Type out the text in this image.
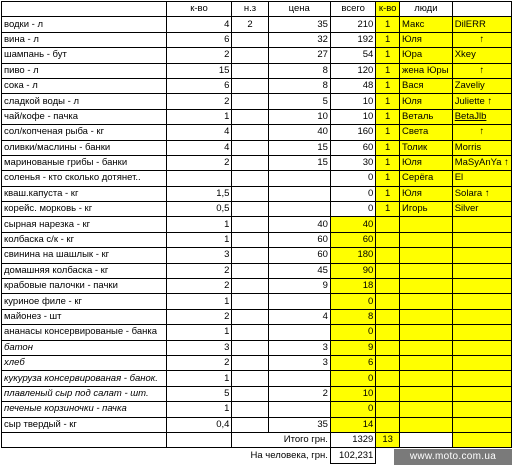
	к-во	н.з	цена	всего	к-во	люди	
водки - л	4	2	35	210	1	Макс	DilERR
вина - л	6		32	192	1	Юля	↑
шампань - бут	2		27	54	1	Юра	Xkey
пиво - л	15		8	120	1	жена Юры	↑
сока - л	6		8	48	1	Вася	Zaveliy
сладкой воды - л	2		5	10	1	Юля	Juliette ↑
чай/кофе - пачка	1		10	10	1	Веталь	BetaJlb
сол/копченая рыба - кг	4		40	160	1	Света	↑
оливки/маслины - банки	4		15	60	1	Толик	Morris
маринованые грибы - банки	2		15	30	1	Юля	MaSyAnYa ↑
соленья - кто сколько дотянет..				0	1	Серёга	El
кваш.капуста - кг	1,5			0	1	Юля	Solara ↑
корейс. морковь - кг	0,5			0	1	Игорь	Silver
сырная нарезка - кг	1		40	40			
колбаска с/к - кг	1		60	60			
свинина на шашлык - кг	3		60	180			
домашняя колбаска - кг	2		45	90			
крабовые палочки - пачки	2		9	18			
куриное филе - кг	1			0			
майонез - шт	2		4	8			
ананасы консервированые - банка	1			0			
батон	3		3	9			
хлеб	2		3	6			
кукуруза консервированая - банок.	1			0			
плавленый сыр под салат - шт.	5		2	10			
печеные корзиночки - пачка	1			0			
сыр твердый - кг	0,4		35	14			
		Итого грн.		1329	13		
	На человека, грн.			102,231				www.moto.com.ua
